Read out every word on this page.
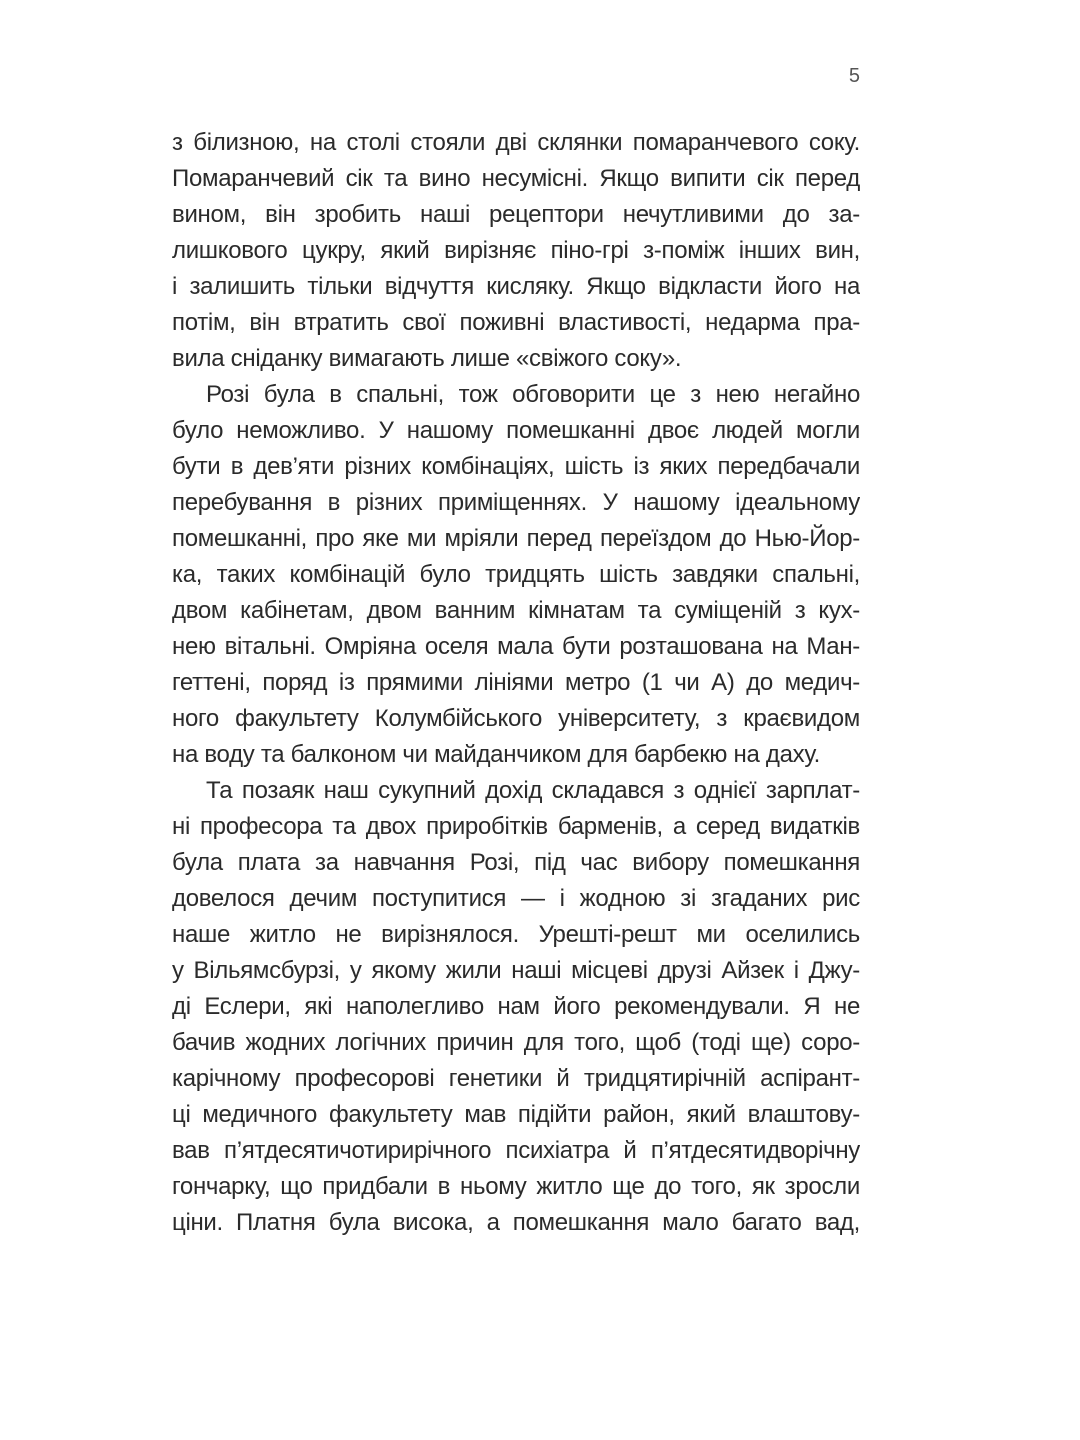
5
з білизною, на столі стояли дві склянки помаранчевого соку.
Помаранчевий сік та вино несумісні. Якщо випити сік перед
вином, він зробить наші рецептори нечутливими до за-
лишкового цукру, який вирізняє піно-грі з-поміж інших вин,
і залишить тільки відчуття кисляку. Якщо відкласти його на
потім, він втратить свої поживні властивості, недарма пра-
вила сніданку вимагають лише «свіжого соку».
Розі була в спальні, тож обговорити це з нею негайно
було неможливо. У нашому помешканні двоє людей могли
бути в дев’яти різних комбінаціях, шість із яких передбачали
перебування в різних приміщеннях. У нашому ідеальному
помешканні, про яке ми мріяли перед переїздом до Нью-Йор-
ка, таких комбінацій було тридцять шість завдяки спальні,
двом кабінетам, двом ванним кімнатам та суміщеній з кух-
нею вітальні. Омріяна оселя мала бути розташована на Ман-
геттені, поряд із прямими лініями метро (1 чи А) до медич-
ного факультету Колумбійського університету, з краєвидом
на воду та балконом чи майданчиком для барбекю на даху.
Та позаяк наш сукупний дохід складався з однієї зарплат-
ні професора та двох приробітків барменів, а серед видатків
була плата за навчання Розі, під час вибору помешкання
довелося дечим поступитися — і жодною зі згаданих рис
наше житло не вирізнялося. Урешті-решт ми оселились
у Вільямсбурзі, у якому жили наші місцеві друзі Айзек і Джу-
ді Еслери, які наполегливо нам його рекомендували. Я не
бачив жодних логічних причин для того, щоб (тоді ще) соро-
карічному професорові генетики й тридцятирічній аспірант-
ці медичного факультету мав підійти район, який влаштову-
вав п’ятдесятичотирирічного психіатра й п’ятдесятидворічну
гончарку, що придбали в ньому житло ще до того, як зросли
ціни. Платня була висока, а помешкання мало багато вад,
